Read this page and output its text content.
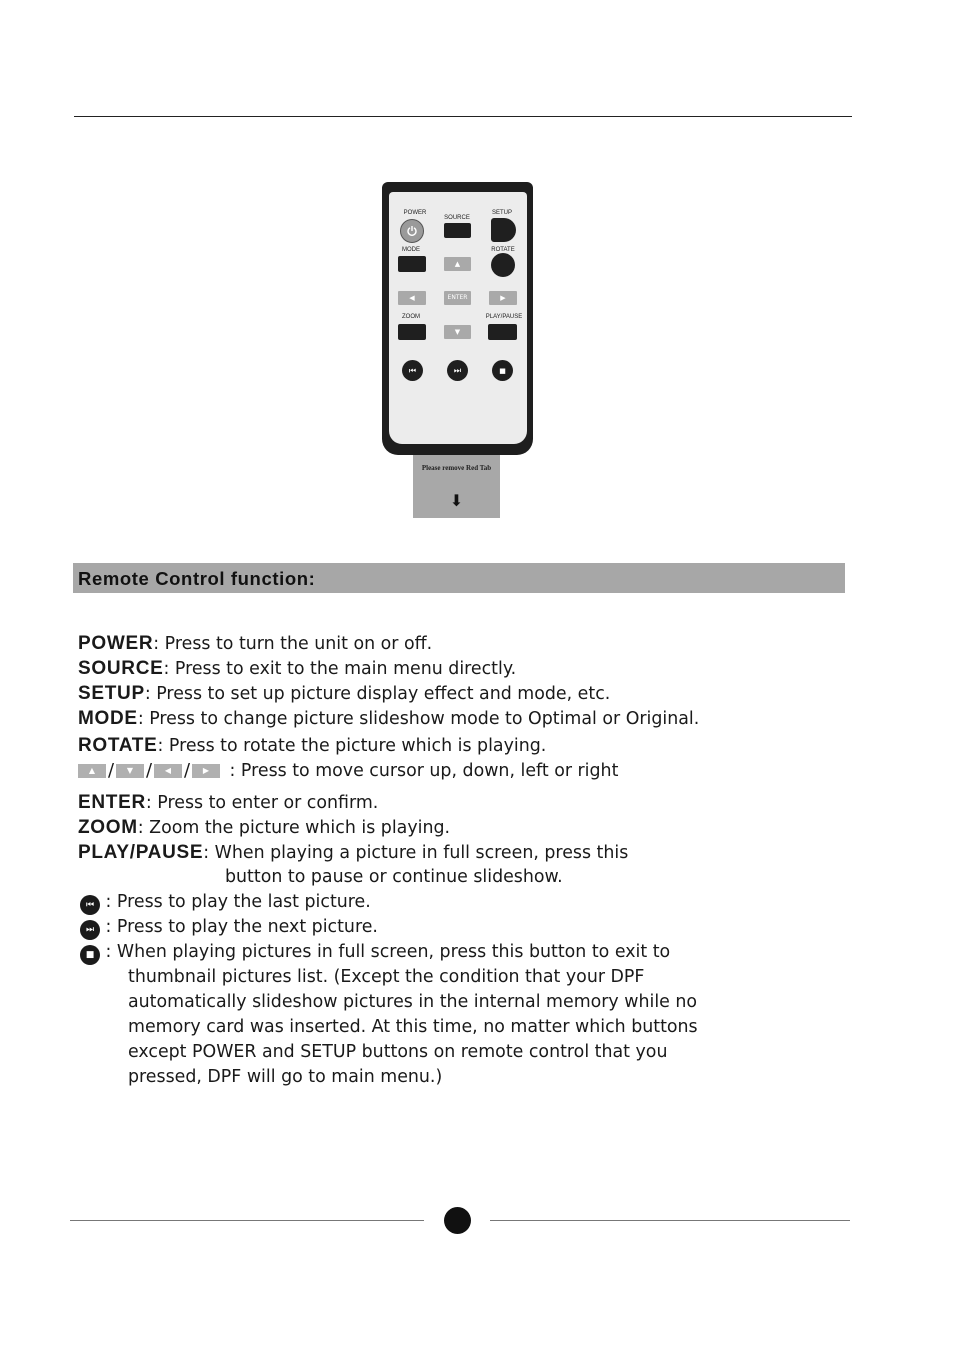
POWER
SOURCE
SETUP
MODE
▲
ROTATE
◀	ENTER	▶
ZOOM
▼
PLAY/PAUSE
⏮	⏭	■
Please remove Red Tab
⬇
Remote Control function:
POWER: Press to turn the unit on or off.
SOURCE: Press to exit to the main menu directly.
SETUP: Press to set up picture display effect and mode, etc.
MODE: Press to change picture slideshow mode to Optimal or Original.
ROTATE: Press to rotate the picture which is playing.
▲ / ▼ / ◀ / ▶ : Press to move cursor up, down, left or right
ENTER: Press to enter or confirm.
ZOOM: Zoom the picture which is playing.
PLAY/PAUSE: When playing a picture in full screen, press this
button to pause or continue slideshow.
⏮ : Press to play the last picture.
⏭ : Press to play the next picture.
■ : When playing pictures in full screen, press this button to exit to
thumbnail pictures list. (Except the condition that your DPF
automatically slideshow pictures in the internal memory while no
memory card was inserted. At this time, no matter which buttons
except POWER and SETUP buttons on remote control that you
pressed, DPF will go to main menu.)
